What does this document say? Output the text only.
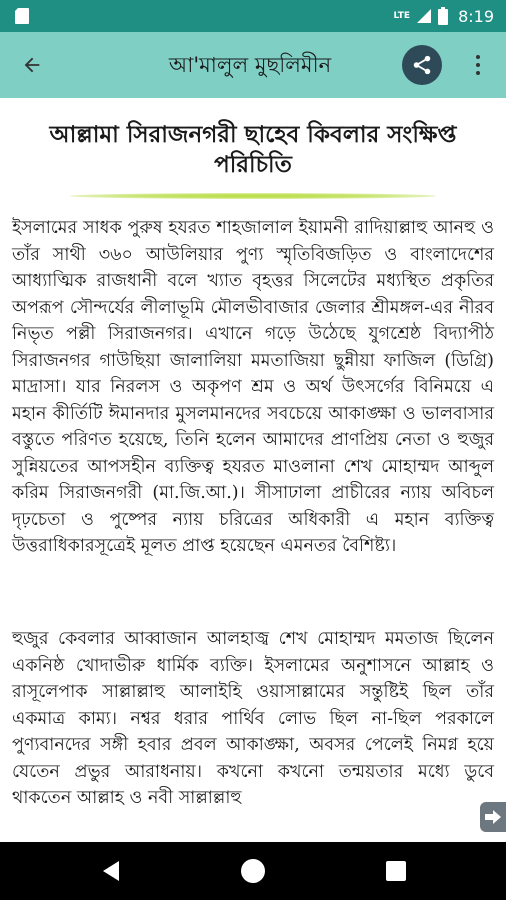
LTE	8:19
আ'মালুল মুছলিমীন
আল্লামা সিরাজনগরী ছাহেব কিবলার সংক্ষিপ্ত পরিচিতি

ইসলামের সাধক পুরুষ হযরত শাহজালাল ইয়ামনী রাদিয়াল্লাহু আনহু ও তাঁর সাথী ৩৬০ আউলিয়ার পুণ্য স্মৃতিবিজড়িত ও বাংলাদেশের আধ্যাত্মিক রাজধানী বলে খ্যাত বৃহত্তর সিলেটের মধ্যস্থিত প্রকৃতির অপরূপ সৌন্দর্যের লীলাভূমি মৌলভীবাজার জেলার শ্রীমঙ্গল-এর নীরব নিভৃত পল্লী সিরাজনগর। এখানে গড়ে উঠেছে যুগশ্রেষ্ঠ বিদ্যাপীঠ সিরাজনগর গাউছিয়া জালালিয়া মমতাজিয়া ছুন্নীয়া ফাজিল (ডিগ্রি) মাদ্রাসা। যার নিরলস ও অকৃপণ শ্রম ও অর্থ উৎসর্গের বিনিময়ে এ মহান কীর্তিটি ঈমানদার মুসলমানদের সবচেয়ে আকাঙ্ক্ষা ও ভালবাসার বস্তুতে পরিণত হয়েছে, তিনি হলেন আমাদের প্রাণপ্রিয় নেতা ও হুজুর সুন্নিয়তের আপসহীন ব্যক্তিত্ব হযরত মাওলানা শেখ মোহাম্মদ আব্দুল করিম সিরাজনগরী (মা.জি.আ.)। সীসাঢালা প্রাচীরের ন্যায় অবিচল দৃঢ়চেতা ও পুষ্পের ন্যায় চরিত্রের অধিকারী এ মহান ব্যক্তিত্ব উত্তরাধিকারসূত্রেই মূলত প্রাপ্ত হয়েছেন এমনতর বৈশিষ্ট্য।

হুজুর কেবলার আব্বাজান আলহাজ্ব শেখ মোহাম্মদ মমতাজ ছিলেন একনিষ্ঠ খোদাভীরু ধার্মিক ব্যক্তি। ইসলামের অনুশাসনে আল্লাহ ও রাসূলেপাক সাল্লাল্লাহু আলাইহি ওয়াসাল্লামের সন্তুষ্টিই ছিল তাঁর একমাত্র কাম্য। নশ্বর ধরার পার্থিব লোভ ছিল না-ছিল পরকালে পুণ্যবানদের সঙ্গী হবার প্রবল আকাঙ্ক্ষা, অবসর পেলেই নিমগ্ন হয়ে যেতেন প্রভুর আরাধনায়। কখনো কখনো তন্ময়তার মধ্যে ডুবে থাকতেন আল্লাহ ও নবী সাল্লাল্লাহু
